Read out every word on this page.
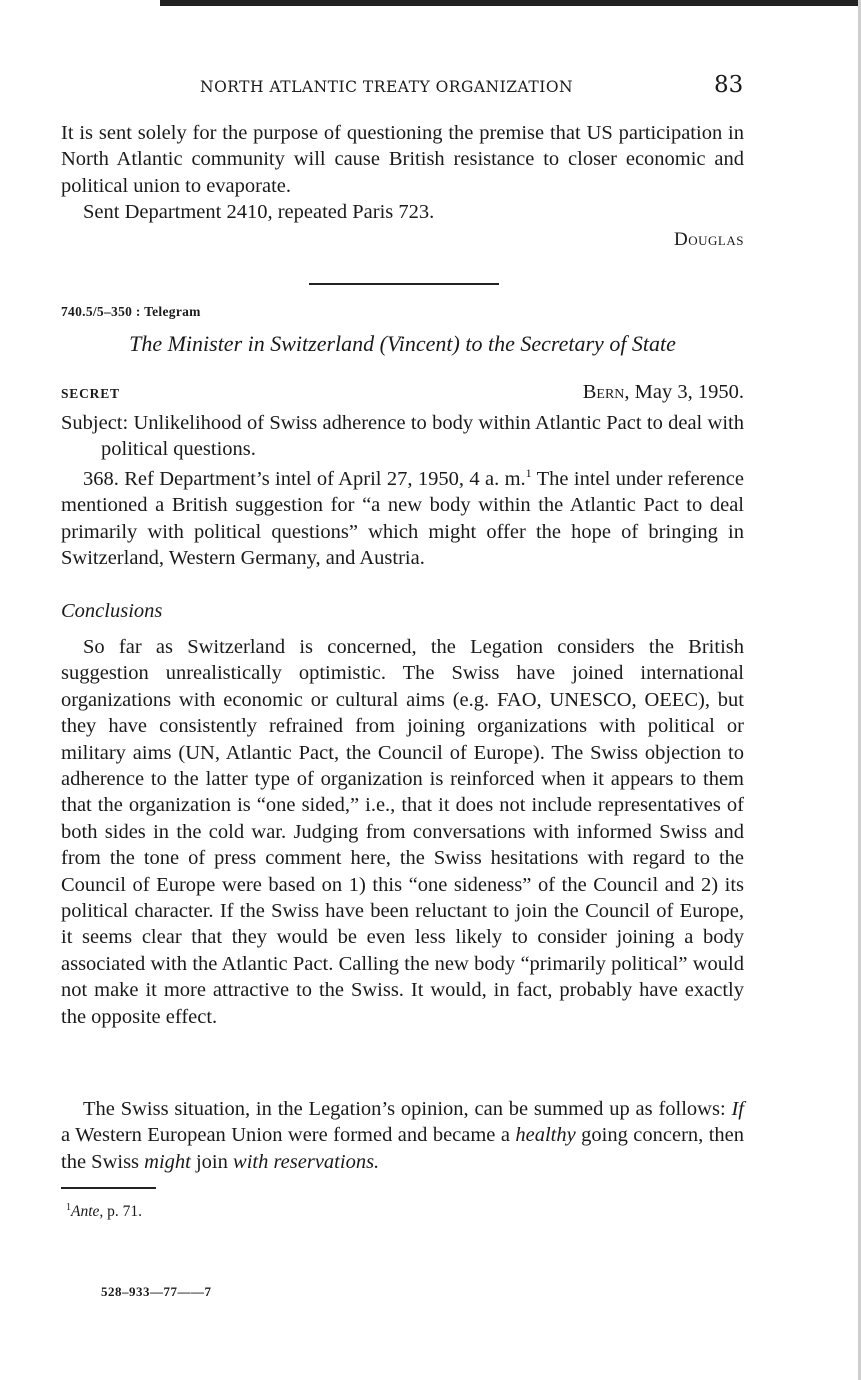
NORTH ATLANTIC TREATY ORGANIZATION	83
It is sent solely for the purpose of questioning the premise that US participation in North Atlantic community will cause British resistance to closer economic and political union to evaporate.
Sent Department 2410, repeated Paris 723.
Douglas
740.5/5–350 : Telegram
The Minister in Switzerland (Vincent) to the Secretary of State
SECRET	Bern, May 3, 1950.
Subject: Unlikelihood of Swiss adherence to body within Atlantic Pact to deal with political questions.
368. Ref Department’s intel of April 27, 1950, 4 a. m.$^1$ The intel under reference mentioned a British suggestion for “a new body within the Atlantic Pact to deal primarily with political questions” which might offer the hope of bringing in Switzerland, Western Germany, and Austria.
Conclusions
So far as Switzerland is concerned, the Legation considers the British suggestion unrealistically optimistic. The Swiss have joined international organizations with economic or cultural aims (e.g. FAO, UNESCO, OEEC), but they have consistently refrained from joining organizations with political or military aims (UN, Atlantic Pact, the Council of Europe). The Swiss objection to adherence to the latter type of organization is reinforced when it appears to them that the organization is “one sided,” i.e., that it does not include representatives of both sides in the cold war. Judging from conversations with informed Swiss and from the tone of press comment here, the Swiss hesitations with regard to the Council of Europe were based on 1) this “one sideness” of the Council and 2) its political character. If the Swiss have been reluctant to join the Council of Europe, it seems clear that they would be even less likely to consider joining a body associated with the Atlantic Pact. Calling the new body “primarily political” would not make it more attractive to the Swiss. It would, in fact, probably have exactly the opposite effect.
The Swiss situation, in the Legation’s opinion, can be summed up as follows: If a Western European Union were formed and became a healthy going concern, then the Swiss might join with reservations.
$^1$Ante, p. 71.
528–933—77——7
